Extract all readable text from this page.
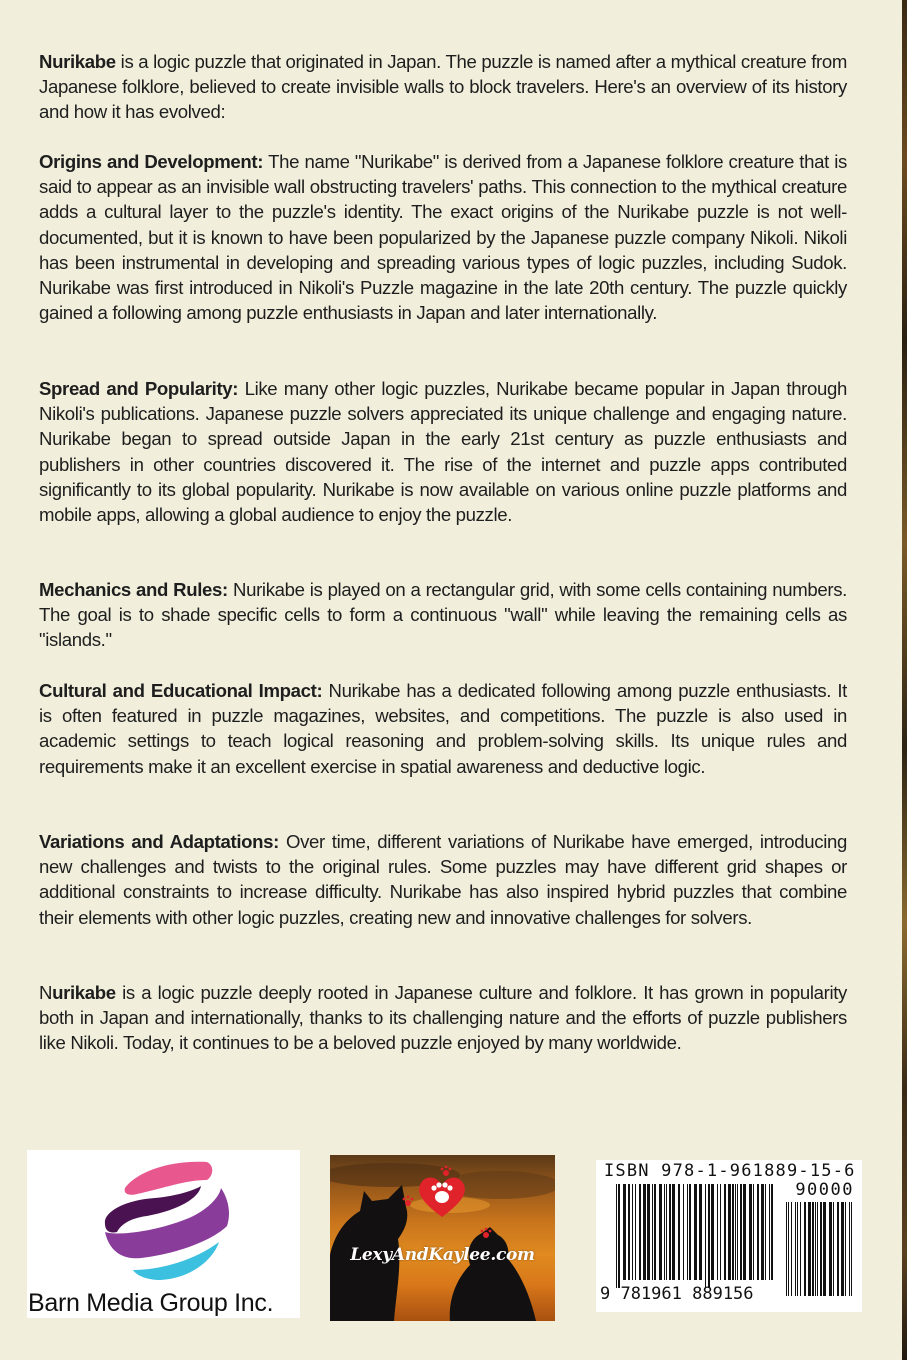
Nurikabe is a logic puzzle that originated in Japan. The puzzle is named after a mythical creature from Japanese folklore, believed to create invisible walls to block travelers. Here's an overview of its history and how it has evolved:

Origins and Development: The name "Nurikabe" is derived from a Japanese folklore creature that is said to appear as an invisible wall obstructing travelers' paths. This connection to the mythical creature adds a cultural layer to the puzzle's identity. The exact origins of the Nurikabe puzzle is not well-documented, but it is known to have been popularized by the Japanese puzzle company Nikoli. Nikoli has been instrumental in developing and spreading various types of logic puzzles, including Sudok. Nurikabe was first introduced in Nikoli's Puzzle magazine in the late 20th century. The puzzle quickly gained a following among puzzle enthusiasts in Japan and later internationally.

Spread and Popularity: Like many other logic puzzles, Nurikabe became popular in Japan through Nikoli's publications. Japanese puzzle solvers appreciated its unique challenge and engaging nature. Nurikabe began to spread outside Japan in the early 21st century as puzzle enthusiasts and publishers in other countries discovered it. The rise of the internet and puzzle apps contributed significantly to its global popularity. Nurikabe is now available on various online puzzle platforms and mobile apps, allowing a global audience to enjoy the puzzle.

Mechanics and Rules: Nurikabe is played on a rectangular grid, with some cells containing numbers. The goal is to shade specific cells to form a continuous "wall" while leaving the remaining cells as "islands."

Cultural and Educational Impact: Nurikabe has a dedicated following among puzzle enthusiasts. It is often featured in puzzle magazines, websites, and competitions. The puzzle is also used in academic settings to teach logical reasoning and problem-solving skills. Its unique rules and requirements make it an excellent exercise in spatial awareness and deductive logic.

Variations and Adaptations: Over time, different variations of Nurikabe have emerged, introducing new challenges and twists to the original rules. Some puzzles may have different grid shapes or additional constraints to increase difficulty. Nurikabe has also inspired hybrid puzzles that combine their elements with other logic puzzles, creating new and innovative challenges for solvers.

Nurikabe is a logic puzzle deeply rooted in Japanese culture and folklore. It has grown in popularity both in Japan and internationally, thanks to its challenging nature and the efforts of puzzle publishers like Nikoli. Today, it continues to be a beloved puzzle enjoyed by many worldwide.

Barn Media Group Inc.
LexyAndKaylee.com
ISBN 978-1-961889-15-6
90000
9 781961 889156
